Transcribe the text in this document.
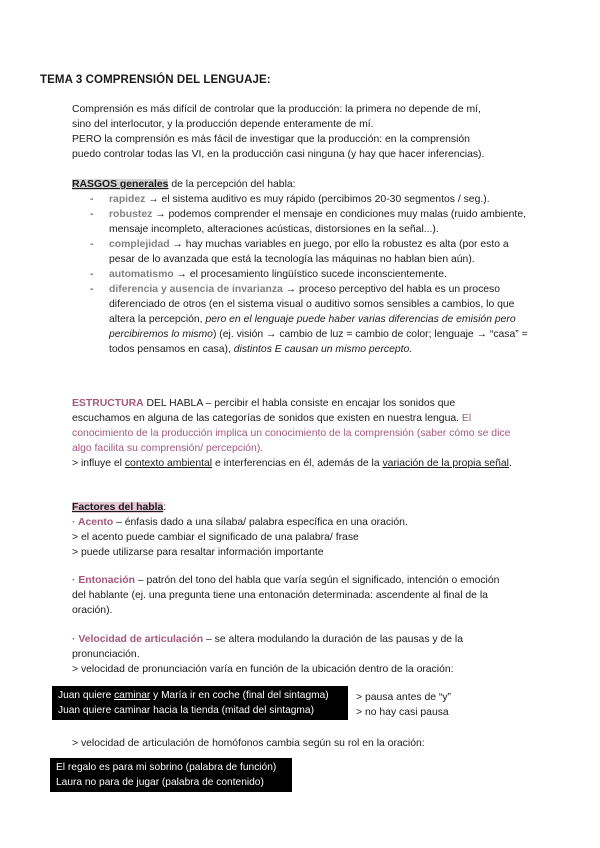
TEMA 3 COMPRENSIÓN DEL LENGUAJE:

Comprensión es más difícil de controlar que la producción: la primera no depende de mí,

sino del interlocutor, y la producción depende enteramente de mí.

PERO la comprensión es más fácil de investigar que la producción: en la comprensión

puedo controlar todas las VI, en la producción casi ninguna (y hay que hacer inferencias).

RASGOS generales de la percepción del habla:

- rapidez → el sistema auditivo es muy rápido (percibimos 20-30 segmentos / seg.).
- robustez → podemos comprender el mensaje en condiciones muy malas (ruido ambiente, mensaje incompleto, alteraciones acústicas, distorsiones en la señal...).
- complejidad → hay muchas variables en juego, por ello la robustez es alta (por esto a pesar de lo avanzada que está la tecnología las máquinas no hablan bien aún).
- automatismo → el procesamiento lingüístico sucede inconscientemente.
- diferencia y ausencia de invarianza → proceso perceptivo del habla es un proceso diferenciado de otros (en el sistema visual o auditivo somos sensibles a cambios, lo que altera la percepción, pero en el lenguaje puede haber varias diferencias de emisión pero percibiremos lo mismo) (ej. visión → cambio de luz = cambio de color; lenguaje → “casa” = todos pensamos en casa), distintos E causan un mismo percepto.

ESTRUCTURA DEL HABLA – percibir el habla consiste en encajar los sonidos que escuchamos en alguna de las categorías de sonidos que existen en nuestra lengua. El conocimiento de la producción implica un conocimiento de la comprensión (saber cómo se dice algo facilita su comprensión/ percepción).

> influye el contexto ambiental e interferencias en él, además de la variación de la propia señal.

Factores del habla:

· Acento – énfasis dado a una sílaba/ palabra específica en una oración.

> el acento puede cambiar el significado de una palabra/ frase

> puede utilizarse para resaltar información importante

· Entonación – patrón del tono del habla que varía según el significado, intención o emoción del hablante (ej. una pregunta tiene una entonación determinada: ascendente al final de la oración).

· Velocidad de articulación – se altera modulando la duración de las pausas y de la pronunciación.

> velocidad de pronunciación varía en función de la ubicación dentro de la oración:

Juan quiere caminar y María ir en coche (final del sintagma)

Juan quiere caminar hacia la tienda (mitad del sintagma)

> pausa antes de “y”

> no hay casi pausa

> velocidad de articulación de homófonos cambia según su rol en la oración:

El regalo es para mi sobrino (palabra de función)

Laura no para de jugar (palabra de contenido)
